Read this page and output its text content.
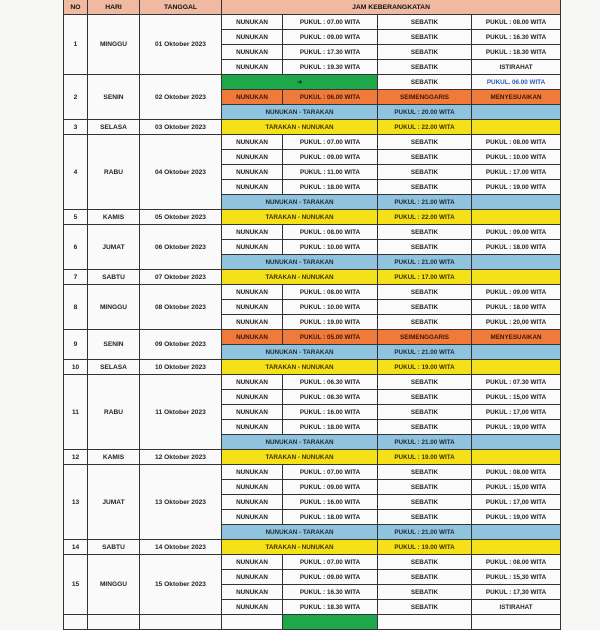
NO	HARI	TANGGAL	JAM KEBERANGKATAN			
1	MINGGU	01 Oktober 2023	NUNUKAN	PUKUL : 07.00 WITA	SEBATIK	PUKUL : 08.00 WITA
			NUNUKAN	PUKUL : 09.00 WITA	SEBATIK	PUKUL : 16.30 WITA
			NUNUKAN	PUKUL : 17.30 WITA	SEBATIK	PUKUL : 18.30 WITA
			NUNUKAN	PUKUL : 19.30 WITA	SEBATIK	ISTIRAHAT
2	SENIN	02 Oktober 2023	➔		SEBATIK	PUKUL. 06.00 WITA
			NUNUKAN	PUKUL : 06.00 WITA	SEIMENGGARIS	MENYESUAIKAN
			NUNUKAN - TARAKAN		PUKUL : 20.00 WITA	
3	SELASA	03 Oktober 2023	TARAKAN - NUNUKAN		PUKUL : 22.00 WITA	
4	RABU	04 Oktober 2023	NUNUKAN	PUKUL : 07.00 WITA	SEBATIK	PUKUL : 08.00 WITA
			NUNUKAN	PUKUL : 09.00 WITA	SEBATIK	PUKUL : 10.00 WITA
			NUNUKAN	PUKUL : 11.00 WITA	SEBATIK	PUKUL : 17.00 WITA
			NUNUKAN	PUKUL : 18.00 WITA	SEBATIK	PUKUL : 19.00 WITA
			NUNUKAN - TARAKAN		PUKUL : 21.00 WITA	
5	KAMIS	05 Oktober 2023	TARAKAN - NUNUKAN		PUKUL : 22.00 WITA	
6	JUMAT	06 Oktober 2023	NUNUKAN	PUKUL : 08.00 WITA	SEBATIK	PUKUL : 09.00 WITA
			NUNUKAN	PUKUL : 10.00 WITA	SEBATIK	PUKUL : 18.00 WITA
			NUNUKAN - TARAKAN		PUKUL : 21.00 WITA	
7	SABTU	07 Oktober 2023	TARAKAN - NUNUKAN		PUKUL : 17.00 WITA	
8	MINGGU	08 Oktober 2023	NUNUKAN	PUKUL : 08.00 WITA	SEBATIK	PUKUL : 09.00 WITA
			NUNUKAN	PUKUL : 10.00 WITA	SEBATIK	PUKUL : 18.00 WITA
			NUNUKAN	PUKUL : 19.00 WITA	SEBATIK	PUKUL : 20,00 WITA
9	SENIN	09 Oktober 2023	NUNUKAN	PUKUL : 05.00 WITA	SEIMENGGARIS	MENYESUAIKAN
			NUNUKAN - TARAKAN		PUKUL : 21.00 WITA	
10	SELASA	10 Oktober 2023	TARAKAN - NUNUKAN		PUKUL : 19.00 WITA	
11	RABU	11 Oktober 2023	NUNUKAN	PUKUL : 06.30 WITA	SEBATIK	PUKUL : 07.30 WITA
			NUNUKAN	PUKUL : 08.30 WITA	SEBATIK	PUKUL : 15,00 WITA
			NUNUKAN	PUKUL : 16.00 WITA	SEBATIK	PUKUL : 17,00 WITA
			NUNUKAN	PUKUL : 18.00 WITA	SEBATIK	PUKUL : 19,00 WITA
			NUNUKAN - TARAKAN		PUKUL : 21.00 WITA	
12	KAMIS	12 Oktober 2023	TARAKAN - NUNUKAN		PUKUL : 19.00 WITA	
13	JUMAT	13 Oktober 2023	NUNUKAN	PUKUL : 07.00 WITA	SEBATIK	PUKUL : 08.00 WITA
			NUNUKAN	PUKUL : 09.00 WITA	SEBATIK	PUKUL : 15,00 WITA
			NUNUKAN	PUKUL : 16.00 WITA	SEBATIK	PUKUL : 17,00 WITA
			NUNUKAN	PUKUL : 18.00 WITA	SEBATIK	PUKUL : 19,00 WITA
			NUNUKAN - TARAKAN		PUKUL : 21.00 WITA	
14	SABTU	14 Oktober 2023	TARAKAN - NUNUKAN		PUKUL : 19.00 WITA	
15	MINGGU	15 Oktober 2023	NUNUKAN	PUKUL : 07.00 WITA	SEBATIK	PUKUL : 08.00 WITA
			NUNUKAN	PUKUL : 09.00 WITA	SEBATIK	PUKUL : 15,30 WITA
			NUNUKAN	PUKUL : 16.30 WITA	SEBATIK	PUKUL : 17,30 WITA
			NUNUKAN	PUKUL : 18.30 WITA	SEBATIK	ISTIRAHAT
